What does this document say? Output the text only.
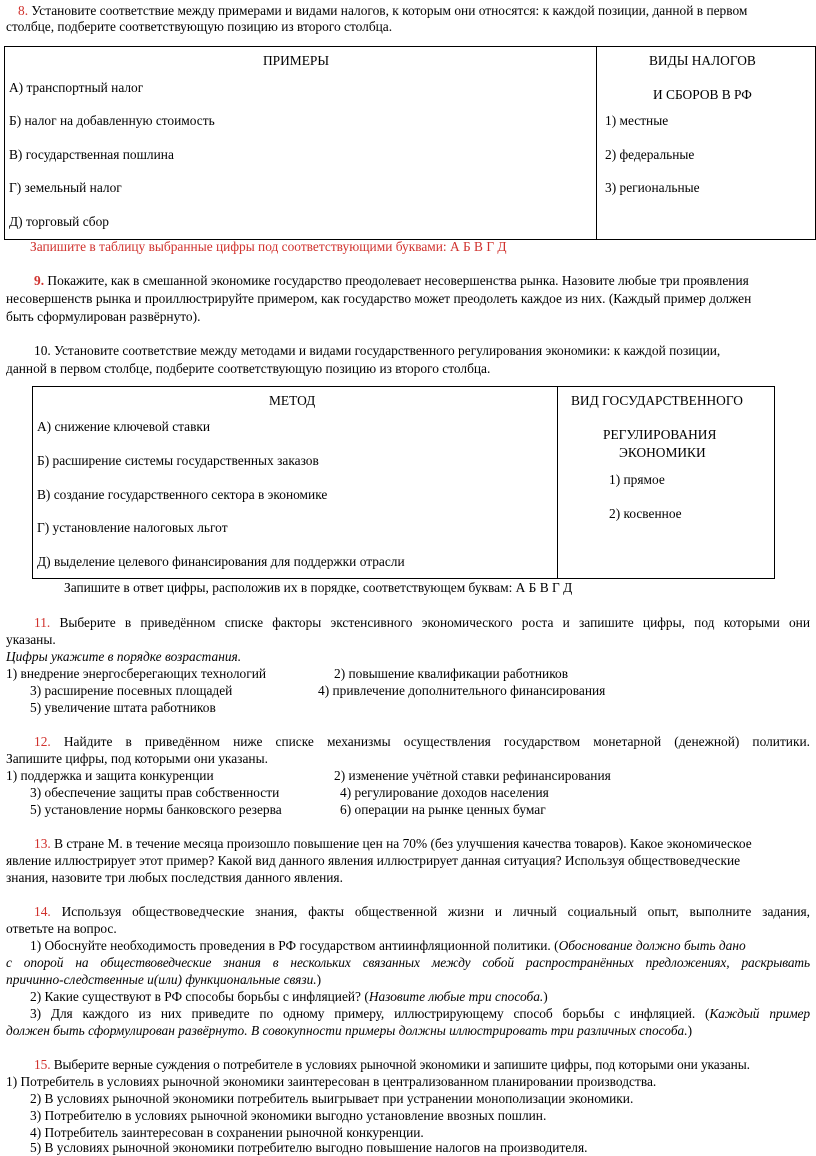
8. Установите соответствие между примерами и видами налогов, к которым они относятся: к каждой позиции, данной в первом
столбце, подберите соответствующую позицию из второго столбца.
ПРИМЕРЫ	ВИДЫ НАЛОГОВ
И СБОРОВ В РФ
А) транспортный налог
Б) налог на добавленную стоимость
В) государственная пошлина
Г) земельный налог
Д) торговый сбор
1) местные
2) федеральные
3) региональные
Запишите в таблицу выбранные цифры под соответствующими буквами: А Б В Г Д
9. Покажите, как в смешанной экономике государство преодолевает несовершенства рынка. Назовите любые три проявления
несовершенств рынка и проиллюстрируйте примером, как государство может преодолеть каждое из них. (Каждый пример должен
быть сформулирован развёрнуто).
10. Установите соответствие между методами и видами государственного регулирования экономики: к каждой позиции,
данной в первом столбце, подберите соответствующую позицию из второго столбца.
МЕТОД	ВИД ГОСУДАРСТВЕННОГО
РЕГУЛИРОВАНИЯ
ЭКОНОМИКИ
А) снижение ключевой ставки
Б) расширение системы государственных заказов
В) создание государственного сектора в экономике
Г) установление налоговых льгот
Д) выделение целевого финансирования для поддержки отрасли
1) прямое
2) косвенное
Запишите в ответ цифры, расположив их в порядке, соответствующем буквам: А Б В Г Д
11. Выберите в приведённом списке факторы экстенсивного экономического роста и запишите цифры, под которыми они
указаны.
Цифры укажите в порядке возрастания.
1) внедрение энергосберегающих технологий	2) повышение квалификации работников
3) расширение посевных площадей	4) привлечение дополнительного финансирования
5) увеличение штата работников
12. Найдите в приведённом ниже списке механизмы осуществления государством монетарной (денежной) политики.
Запишите цифры, под которыми они указаны.
1) поддержка и защита конкуренции	2) изменение учётной ставки рефинансирования
3) обеспечение защиты прав собственности	4) регулирование доходов населения
5) установление нормы банковского резерва	6) операции на рынке ценных бумаг
13. В стране М. в течение месяца произошло повышение цен на 70% (без улучшения качества товаров). Какое экономическое
явление иллюстрирует этот пример? Какой вид данного явления иллюстрирует данная ситуация? Используя обществоведческие
знания, назовите три любых последствия данного явления.
14. Используя обществоведческие знания, факты общественной жизни и личный социальный опыт, выполните задания,
ответьте на вопрос.
1) Обоснуйте необходимость проведения в РФ государством антиинфляционной политики. (Обоснование должно быть дано
с опорой на обществоведческие знания в нескольких связанных между собой распространённых предложениях, раскрывать
причинно-следственные и(или) функциональные связи.)
2) Какие существуют в РФ способы борьбы с инфляцией? (Назовите любые три способа.)
3) Для каждого из них приведите по одному примеру, иллюстрирующему способ борьбы с инфляцией. (Каждый пример
должен быть сформулирован развёрнуто. В совокупности примеры должны иллюстрировать три различных способа.)
15. Выберите верные суждения о потребителе в условиях рыночной экономики и запишите цифры, под которыми они указаны.
1) Потребитель в условиях рыночной экономики заинтересован в централизованном планировании производства.
2) В условиях рыночной экономики потребитель выигрывает при устранении монополизации экономики.
3) Потребителю в условиях рыночной экономики выгодно установление ввозных пошлин.
4) Потребитель заинтересован в сохранении рыночной конкуренции.
5) В условиях рыночной экономики потребителю выгодно повышение налогов на производителя.
